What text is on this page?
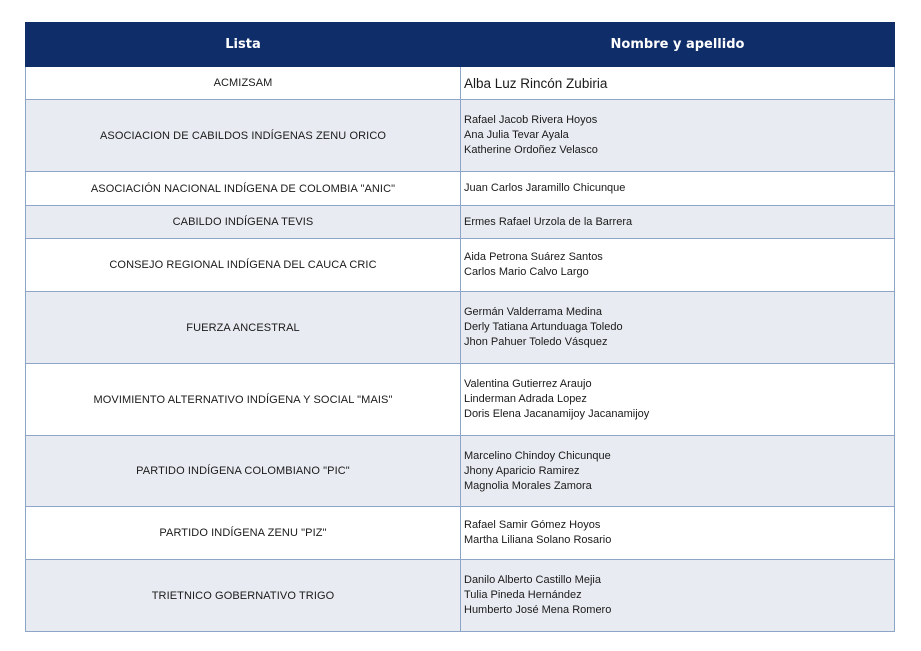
Lista	Nombre y apellido
ACMIZSAM	Alba Luz Rincón Zubiria

ASOCIACION DE CABILDOS INDÍGENAS ZENU ORICO	Rafael Jacob Rivera Hoyos
Ana Julia Tevar Ayala
Katherine Ordoñez Velasco

ASOCIACIÓN NACIONAL INDÍGENA DE COLOMBIA "ANIC"	Juan Carlos Jaramillo Chicunque

CABILDO INDÍGENA TEVIS	Ermes Rafael Urzola de la Barrera

CONSEJO REGIONAL INDÍGENA DEL CAUCA CRIC	Aida Petrona Suárez Santos
Carlos Mario Calvo Largo

FUERZA ANCESTRAL	Germán Valderrama Medina
Derly Tatiana Artunduaga Toledo
Jhon Pahuer Toledo Vásquez

MOVIMIENTO ALTERNATIVO INDÍGENA Y SOCIAL "MAIS"	Valentina Gutierrez Araujo
Linderman Adrada Lopez
Doris Elena Jacanamijoy Jacanamijoy

PARTIDO INDÍGENA COLOMBIANO "PIC"	Marcelino Chindoy Chicunque
Jhony Aparicio Ramirez
Magnolia Morales Zamora

PARTIDO INDÍGENA ZENU "PIZ"	Rafael Samir Gómez Hoyos
Martha Liliana Solano Rosario

TRIETNICO GOBERNATIVO TRIGO	Danilo Alberto Castillo Mejia
Tulia Pineda Hernández
Humberto José Mena Romero
